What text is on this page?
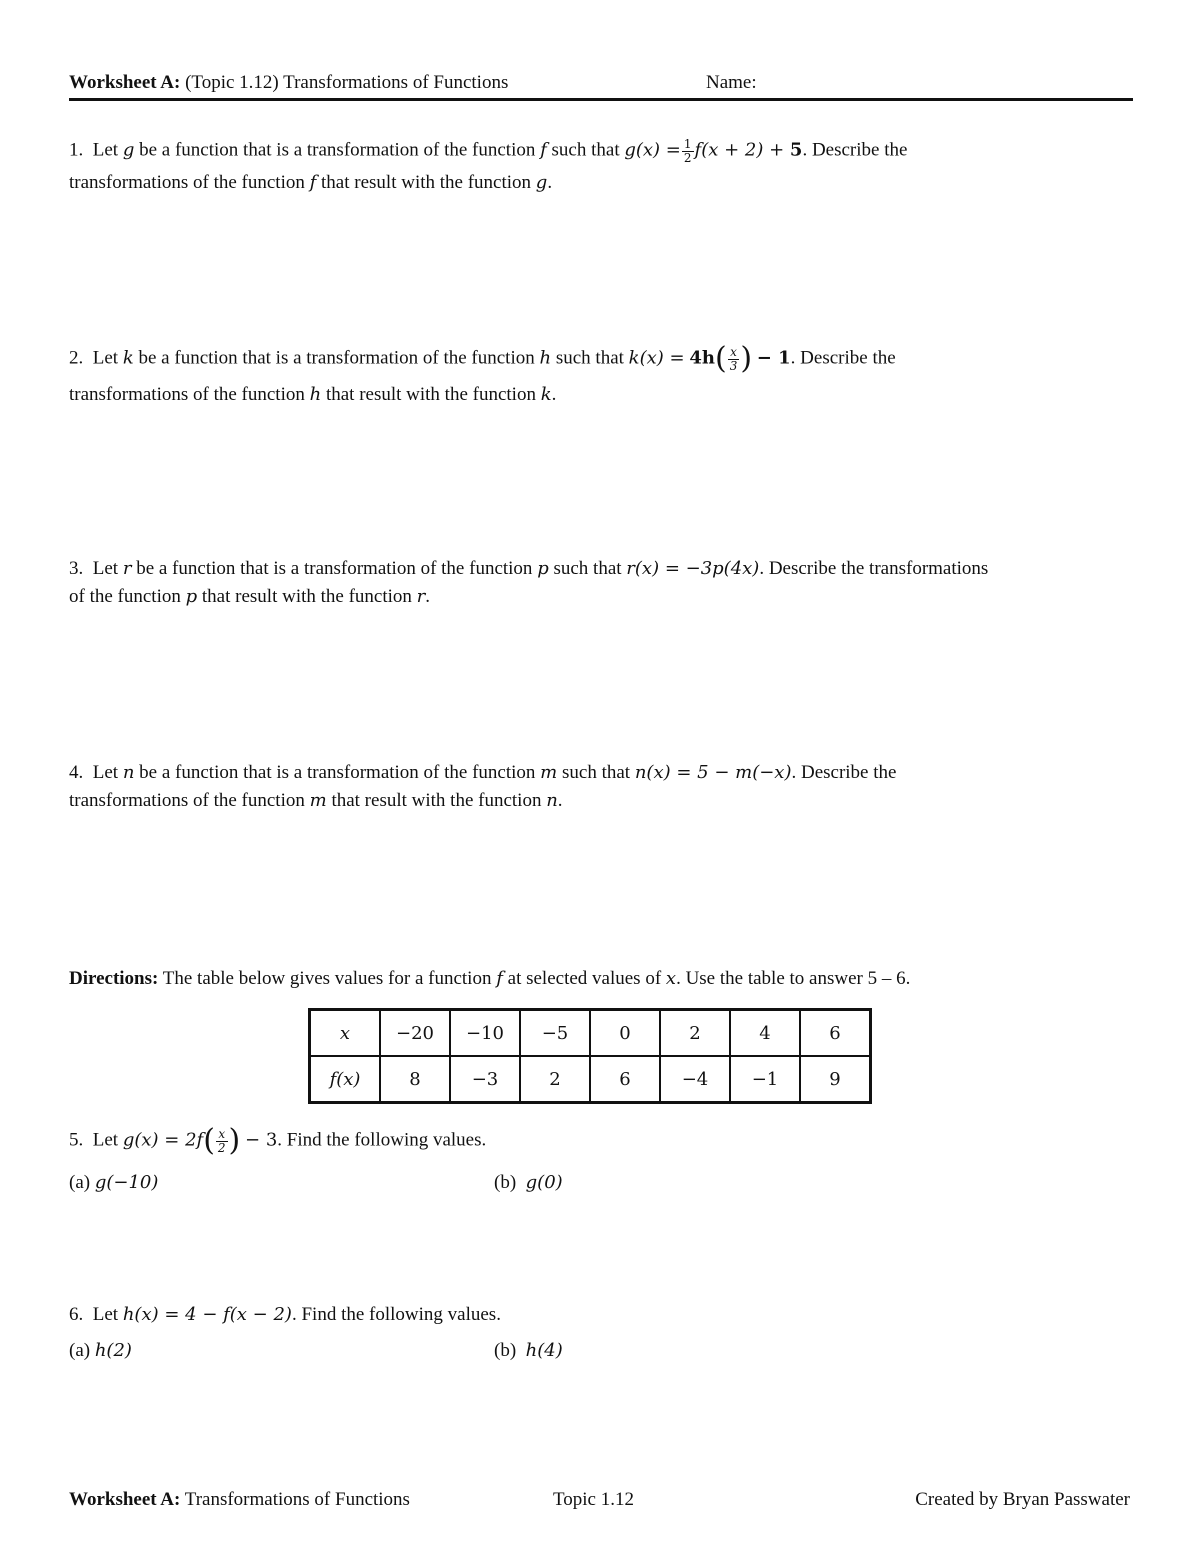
Worksheet A: (Topic 1.12) Transformations of Functions	Name:
1. Let g be a function that is a transformation of the function f such that $g(x) = \frac{1}{2} f(x + 2) + 5$. Describe the
transformations of the function f that result with the function g.
2. Let k be a function that is a transformation of the function h such that $k(x) = 4h( \frac{x}{3}$ ) − 1. Describe the
transformations of the function h that result with the function k.
3. Let r be a function that is a transformation of the function p such that r(x) = −3p(4x). Describe the transformations
of the function p that result with the function r.
4. Let n be a function that is a transformation of the function m such that n(x) = 5 − m(−x). Describe the
transformations of the function m that result with the function n.
Directions: The table below gives values for a function f at selected values of x. Use the table to answer 5 – 6.
x	−20	−10	−5	0	2	4	6
f(x)	8	−3	2	6	−4	−1	9
5. Let $g(x) = 2f( \frac{x}{2}$ ) − 3. Find the following values.
(a) g(−10)	(b) g(0)
6. Let h(x) = 4 − f(x − 2). Find the following values.
(a) h(2)	(b) h(4)
Worksheet A: Transformations of Functions	Topic 1.12	Created by Bryan Passwater
